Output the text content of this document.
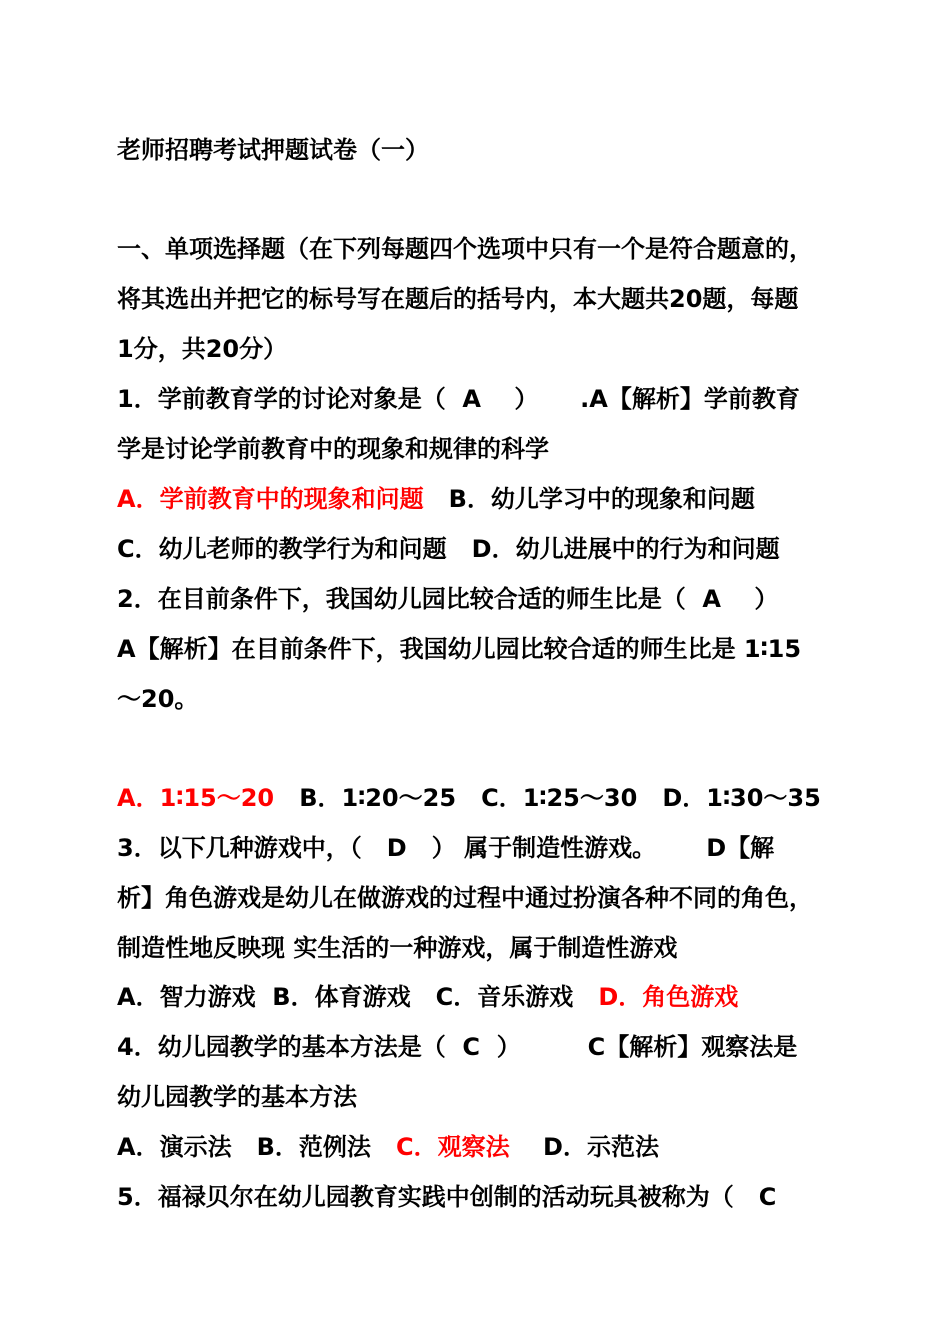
老师招聘考试押题试卷（一）
一、单项选择题（在下列每题四个选项中只有一个是符合题意的，
将其选出并把它的标号写在题后的括号内，本大题共20题，每题
1分，共20分）
1．学前教育学的讨论对象是（  A    ）     .A【解析】学前教育
学是讨论学前教育中的现象和规律的科学
A．学前教育中的现象和问题   B．幼儿学习中的现象和问题
C．幼儿老师的教学行为和问题   D．幼儿进展中的行为和问题
2．在目前条件下，我国幼儿园比较合适的师生比是（  A    ）
A【解析】在目前条件下，我国幼儿园比较合适的师生比是 1∶15
～20。
A．1∶15～20   B．1∶20～25   C．1∶25～30   D．1∶30～35
3．以下几种游戏中，（   D   ） 属于制造性游戏。      D【解
析】角色游戏是幼儿在做游戏的过程中通过扮演各种不同的角色，
制造性地反映现 实生活的一种游戏，属于制造性游戏
A．智力游戏  B．体育游戏   C．音乐游戏   D．角色游戏
4．幼儿园教学的基本方法是（  C  ）        C【解析】观察法是
幼儿园教学的基本方法
A．演示法   B．范例法   C．观察法    D．示范法
5．福禄贝尔在幼儿园教育实践中创制的活动玩具被称为（   C
